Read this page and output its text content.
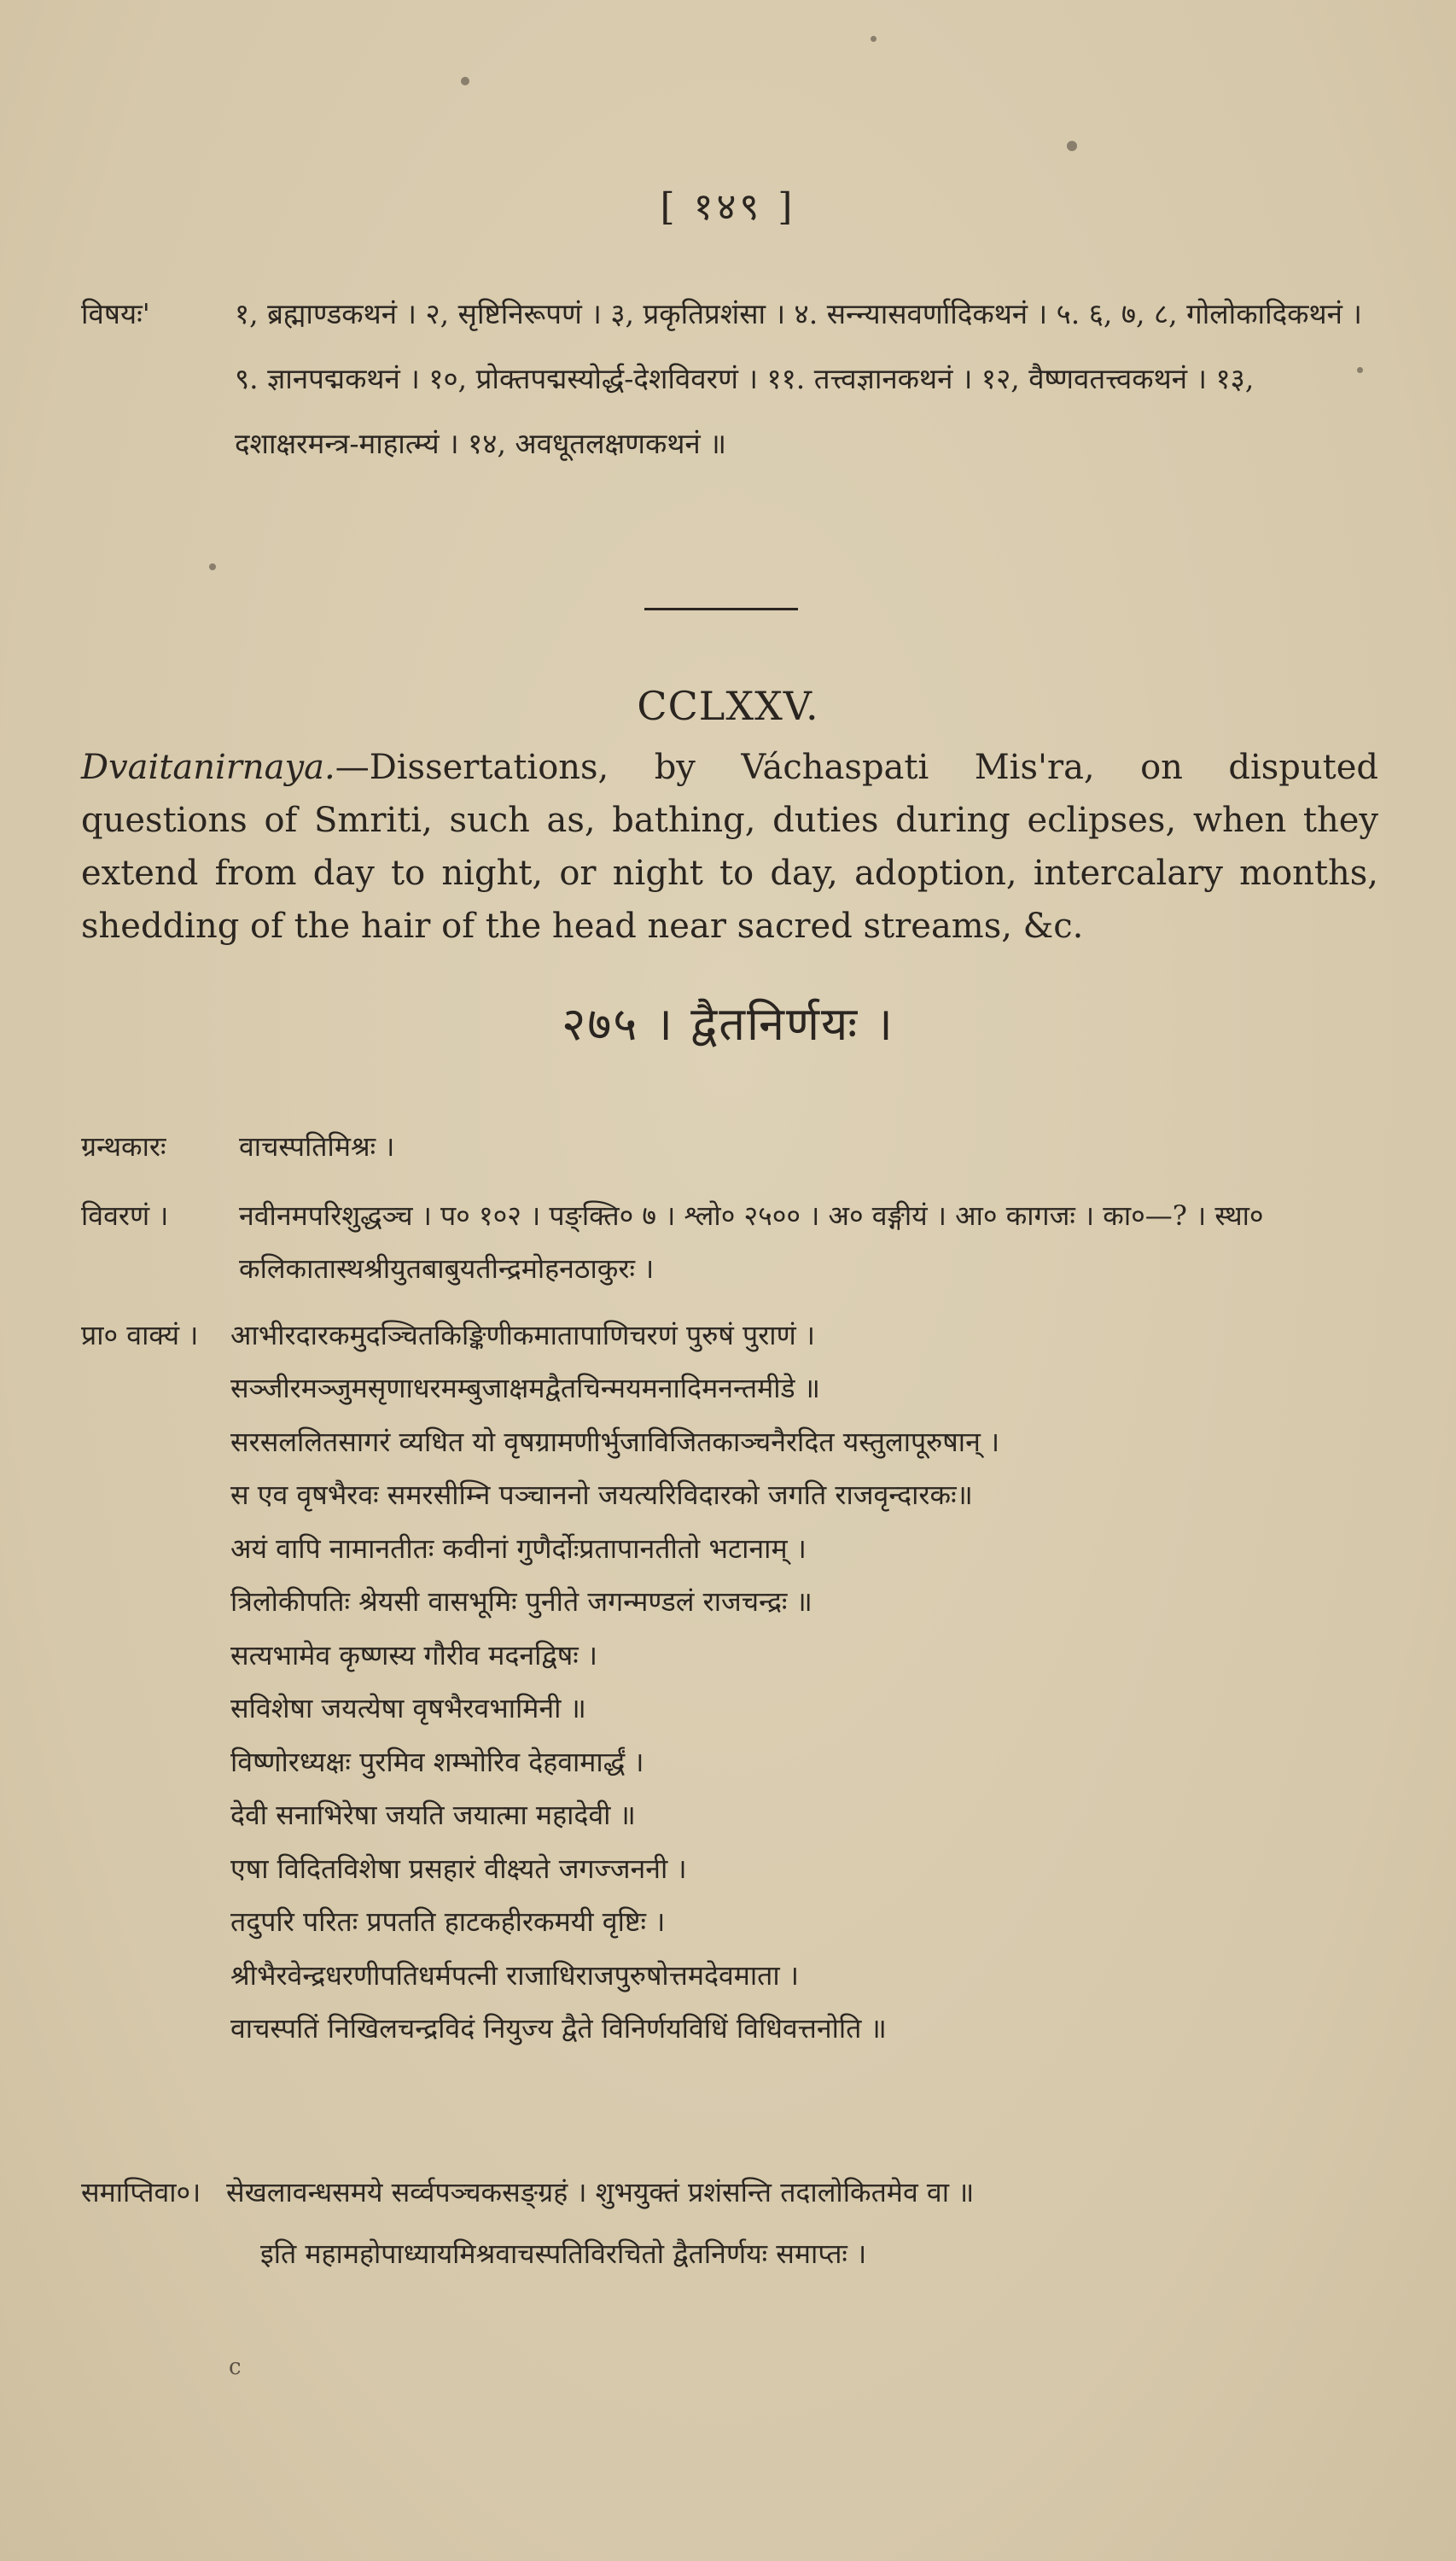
[ १४९ ]
विषयः'	१, ब्रह्माण्डकथनं । २, सृष्टिनिरूपणं । ३, प्रकृतिप्रशंसा । ४. सन्न्यासवर्णादिकथनं । ५. ६, ७, ८, गोलोकादिकथनं । ९. ज्ञानपद्मकथनं । १०, प्रोक्तपद्मस्योर्द्ध-देशविवरणं । ११. तत्त्वज्ञानकथनं । १२, वैष्णवतत्त्वकथनं । १३, दशाक्षरमन्त्र-माहात्म्यं । १४, अवधूतलक्षणकथनं ॥
CCLXXV.
Dvaitanirnaya.—Dissertations, by Váchaspati Mis'ra, on disputed questions of Smriti, such as, bathing, duties during eclipses, when they extend from day to night, or night to day, adoption, intercalary months, shedding of the hair of the head near sacred streams, &c.
२७५ । द्वैतनिर्णयः ।
ग्रन्थकारः	वाचस्पतिमिश्रः ।
विवरणं ।	नवीनमपरिशुद्धञ्च । प० १०२ । पङ्क्ति० ७ । श्लो० २५०० । अ० वङ्गीयं । आ० कागजः । का०—? । स्था० कलिकातास्थश्रीयुतबाबुयतीन्द्रमोहनठाकुरः ।
प्रा० वाक्यं । आभीरदारकमुदञ्चितकिङ्किणीकमातापाणिचरणं पुरुषं पुराणं ।
सञ्जीरमञ्जुमसृणाधरमम्बुजाक्षमद्वैतचिन्मयमनादिमनन्तमीडे ॥
सरसललितसागरं व्यधित यो वृषग्रामणीर्भुजाविजितकाञ्चनैरदित यस्तुलापूरुषान् ।
स एव वृषभैरवः समरसीम्नि पञ्चाननो जयत्यरिविदारको जगति राजवृन्दारकः॥
अयं वापि नामानतीतः कवीनां गुणैर्दोःप्रतापानतीतो भटानाम् ।
त्रिलोकीपतिः श्रेयसी वासभूमिः पुनीते जगन्मण्डलं राजचन्द्रः ॥
सत्यभामेव कृष्णस्य गौरीव मदनद्विषः ।
सविशेषा जयत्येषा वृषभैरवभामिनी ॥
विष्णोरध्यक्षः पुरमिव शम्भोरिव देहवामार्द्धं ।
देवी सनाभिरेषा जयति जयात्मा महादेवी ॥
एषा विदितविशेषा प्रसहारं वीक्ष्यते जगज्जननी ।
तदुपरि परितः प्रपतति हाटकहीरकमयी वृष्टिः ।
श्रीभैरवेन्द्रधरणीपतिधर्मपत्नी राजाधिराजपुरुषोत्तमदेवमाता ।
वाचस्पतिं निखिलचन्द्रविदं नियुज्य द्वैते विनिर्णयविधिं विधिवत्तनोति ॥
समाप्तिवा०। सेखलावन्धसमये सर्व्वपञ्चकसङ्ग्रहं । शुभयुक्तं प्रशंसन्ति तदालोकितमेव वा ॥
इति महामहोपाध्यायमिश्रवाचस्पतिविरचितो द्वैतनिर्णयः समाप्तः ।
c
